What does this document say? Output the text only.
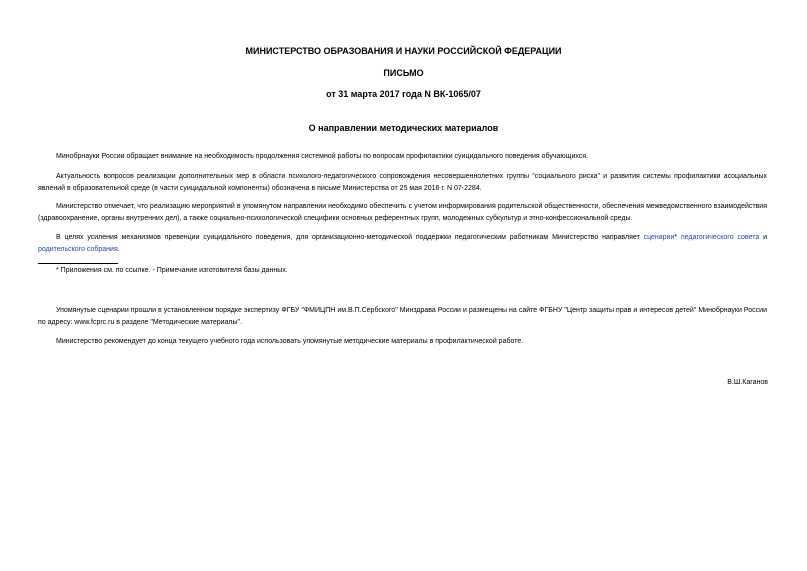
МИНИСТЕРСТВО ОБРАЗОВАНИЯ И НАУКИ РОССИЙСКОЙ ФЕДЕРАЦИИ
ПИСЬМО
от 31 марта 2017 года N ВК-1065/07
О направлении методических материалов
Минобрнауки России обращает внимание на необходимость продолжения системной работы по вопросам профилактики суицидального поведения обучающихся.
Актуальность вопросов реализации дополнительных мер в области психолого-педагогического сопровождения несовершеннолетних группы "социального риска" и развития системы профилактики асоциальных явлений в образовательной среде (в части суицидальной компоненты) обозначена в письме Министерства от 25 мая 2016 г. N 07-2284.
Министерство отмечает, что реализацию мероприятий в упомянутом направлении необходимо обеспечить с учетом информирования родительской общественности, обеспечения межведомственного взаимодействия (здравоохранение, органы внутренних дел), а также социально-психологической специфики основных референтных групп, молодежных субкультур и этно-конфессиональной среды.
В целях усиления механизмов превенции суицидального поведения, для организационно-методической поддержки педагогическим работникам Министерство направляет сценарии* педагогического совета и родительского собрания.
* Приложения см. по ссылке. - Примечание изготовителя базы данных.
Упомянутые сценарии прошли в установленном порядке экспертизу ФГБУ "ФМИЦПН им.В.П.Сербского" Минздрава России и размещены на сайте ФГБНУ "Центр защиты прав и интересов детей" Минобрнауки России по адресу: www.fcprc.ru в разделе "Методические материалы".
Министерство рекомендует до конца текущего учебного года использовать упомянутые методические материалы в профилактической работе.
В.Ш.Каганов
